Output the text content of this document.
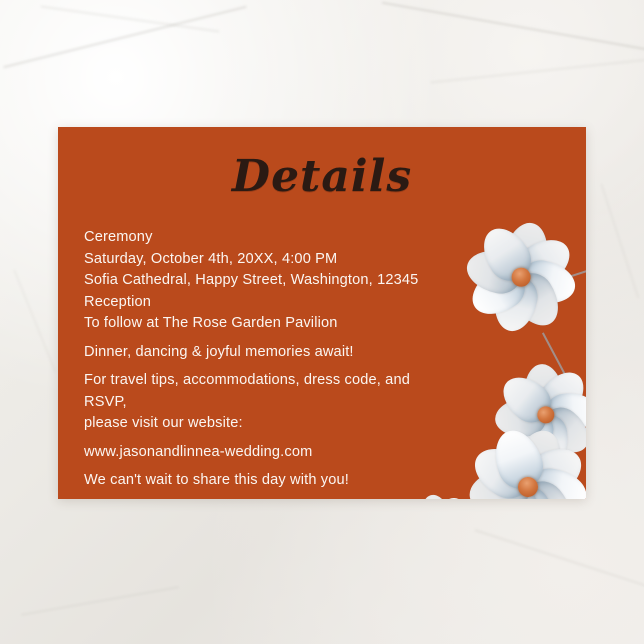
Details

Ceremony

Saturday, October 4th, 20XX, 4:00 PM

Sofia Cathedral, Happy Street, Washington, 12345

Reception

To follow at The Rose Garden Pavilion

Dinner, dancing & joyful memories await!

For travel tips, accommodations, dress code, and RSVP,

please visit our website:

www.jasonandlinnea-wedding.com

We can't wait to share this day with you!
